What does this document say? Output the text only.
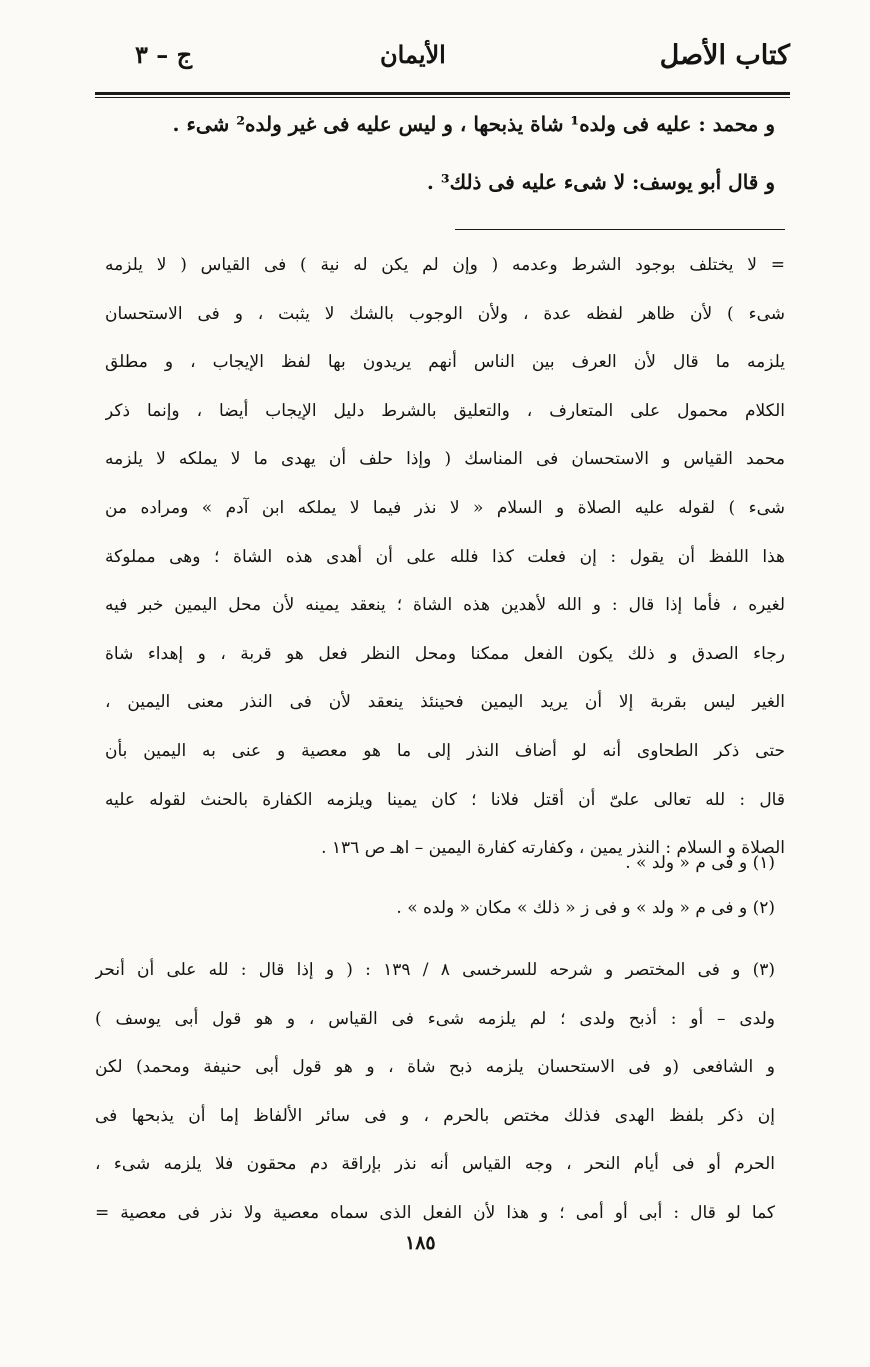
كتاب الأصل
الأيمان
ج – ٣
و محمد : عليه فى ولده¹ شاة يذبحها ، و ليس عليه فى غير ولده² شىء .
و قال أبو يوسف: لا شىء عليه فى ذلك³ .
= لا يختلف بوجود الشرط وعدمه ( وإن لم يكن له نية ) فى القياس ( لا يلزمه
شىء ) لأن ظاهر لفظه عدة ، ولأن الوجوب بالشك لا يثبت ، و فى الاستحسان
يلزمه ما قال لأن العرف بين الناس أنهم يريدون بها لفظ الإيجاب ، و مطلق
الكلام محمول على المتعارف ، والتعليق بالشرط دليل الإيجاب أيضا ، وإنما ذكر
محمد القياس و الاستحسان فى المناسك ( وإذا حلف أن يهدى ما لا يملكه لا يلزمه
شىء ) لقوله عليه الصلاة و السلام « لا نذر فيما لا يملكه ابن آدم » ومراده من
هذا اللفظ أن يقول : إن فعلت كذا فلله على أن أهدى هذه الشاة ؛ وهى مملوكة
لغيره ، فأما إذا قال : و الله لأهدين هذه الشاة ؛ ينعقد يمينه لأن محل اليمين خبر فيه
رجاء الصدق و ذلك يكون الفعل ممكنا ومحل النظر فعل هو قربة ، و إهداء شاة
الغير ليس بقربة إلا أن يريد اليمين فحينئذ ينعقد لأن فى النذر معنى اليمين ،
حتى ذكر الطحاوى أنه لو أضاف النذر إلى ما هو معصية و عنى به اليمين بأن
قال : لله تعالى علىّ أن أقتل فلانا ؛ كان يمينا ويلزمه الكفارة بالحنث لقوله عليه
الصلاة و السلام : النذر يمين ، وكفارته كفارة اليمين – اهـ ص ١٣٦ .
(١) و فى م « ولد » .
(٢) و فى م « ولد » و فى ز « ذلك » مكان « ولده » .
(٣) و فى المختصر و شرحه للسرخسى ٨ / ١٣٩ : ( و إذا قال : لله على أن أنحر
ولدى – أو : أذبح ولدى ؛ لم يلزمه شىء فى القياس ، و هو قول أبى يوسف )
و الشافعى (و فى الاستحسان يلزمه ذبح شاة ، و هو قول أبى حنيفة ومحمد) لكن
إن ذكر بلفظ الهدى فذلك مختص بالحرم ، و فى سائر الألفاظ إما أن يذبحها فى
الحرم أو فى أيام النحر ، وجه القياس أنه نذر بإراقة دم محقون فلا يلزمه شىء ،
كما لو قال : أبى أو أمى ؛ و هذا لأن الفعل الذى سماه معصية ولا نذر فى معصية =
١٨٥
